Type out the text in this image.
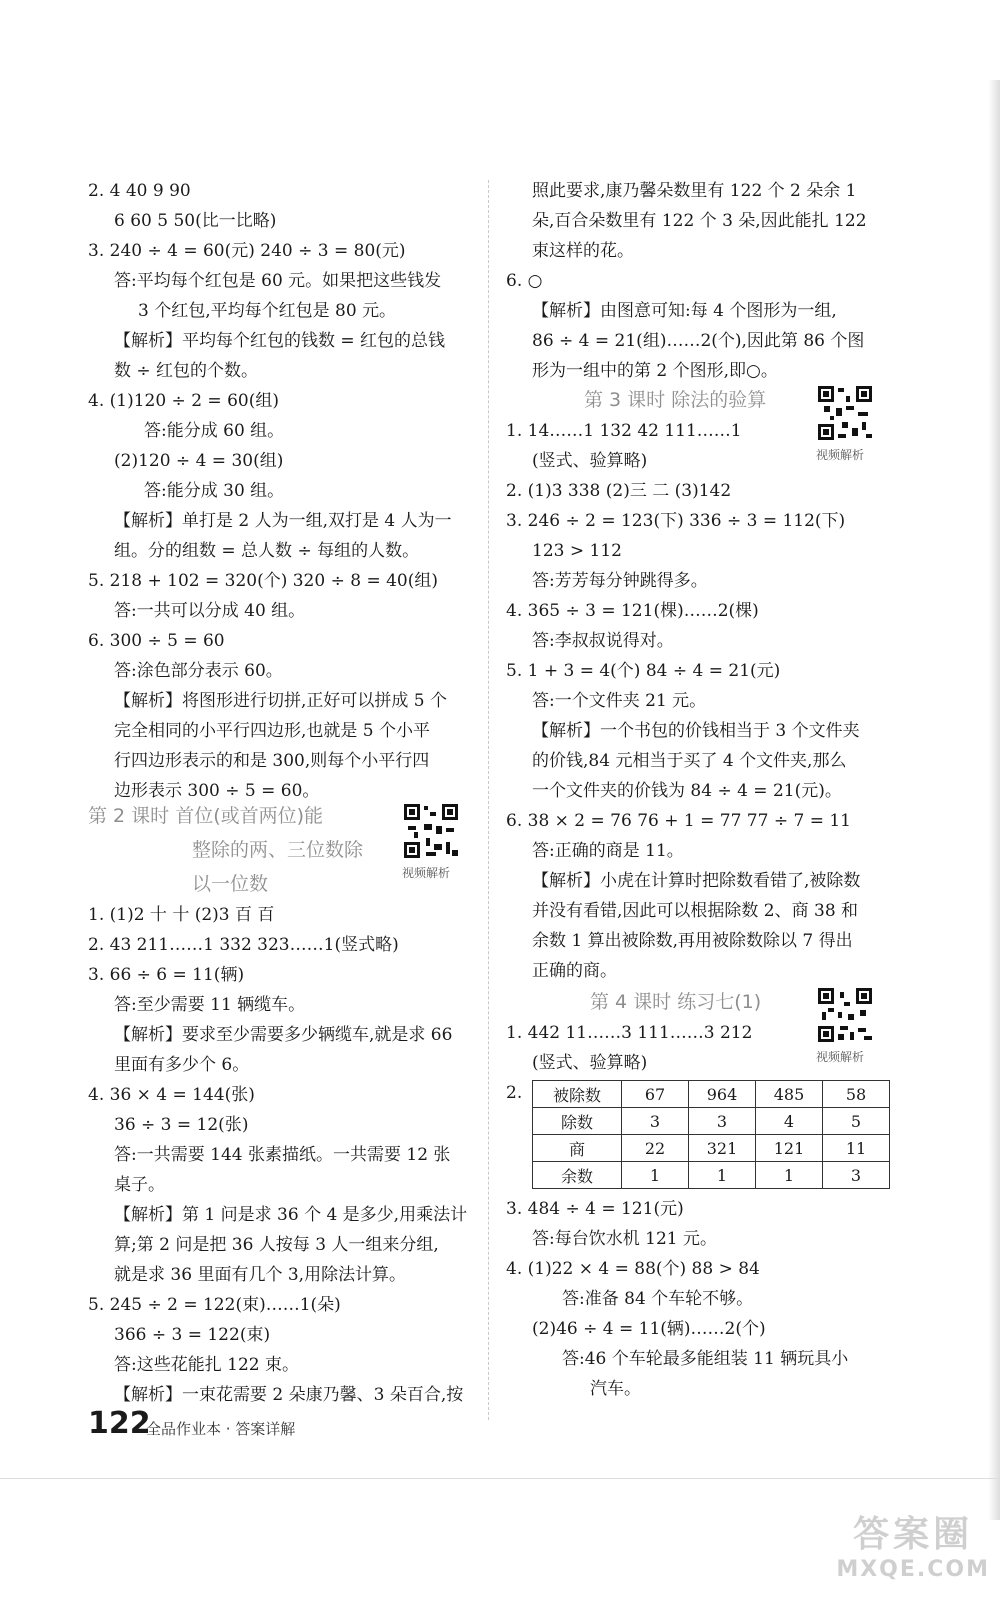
2. 4 40 9 90
6 60 5 50(比一比略)
3. 240 ÷ 4 = 60(元) 240 ÷ 3 = 80(元)
答:平均每个红包是 60 元。如果把这些钱发
3 个红包,平均每个红包是 80 元。
【解析】平均每个红包的钱数 = 红包的总钱
数 ÷ 红包的个数。
4. (1)120 ÷ 2 = 60(组)
答:能分成 60 组。
(2)120 ÷ 4 = 30(组)
答:能分成 30 组。
【解析】单打是 2 人为一组,双打是 4 人为一
组。分的组数 = 总人数 ÷ 每组的人数。
5. 218 + 102 = 320(个) 320 ÷ 8 = 40(组)
答:一共可以分成 40 组。
6. 300 ÷ 5 = 60
答:涂色部分表示 60。
【解析】将图形进行切拼,正好可以拼成 5 个
完全相同的小平行四边形,也就是 5 个小平
行四边形表示的和是 300,则每个小平行四
边形表示 300 ÷ 5 = 60。
第 2 课时 首位(或首两位)能
整除的两、三位数除
以一位数	视频解析
1. (1)2 十 十 (2)3 百 百
2. 43 211……1 332 323……1(竖式略)
3. 66 ÷ 6 = 11(辆)
答:至少需要 11 辆缆车。
【解析】要求至少需要多少辆缆车,就是求 66
里面有多少个 6。
4. 36 × 4 = 144(张)
36 ÷ 3 = 12(张)
答:一共需要 144 张素描纸。一共需要 12 张
桌子。
【解析】第 1 问是求 36 个 4 是多少,用乘法计
算;第 2 问是把 36 人按每 3 人一组来分组,
就是求 36 里面有几个 3,用除法计算。
5. 245 ÷ 2 = 122(束)……1(朵)
366 ÷ 3 = 122(束)
答:这些花能扎 122 束。
【解析】一束花需要 2 朵康乃馨、3 朵百合,按
照此要求,康乃馨朵数里有 122 个 2 朵余 1
朵,百合朵数里有 122 个 3 朵,因此能扎 122
束这样的花。
6. ○
【解析】由图意可知:每 4 个图形为一组,
86 ÷ 4 = 21(组)……2(个),因此第 86 个图
形为一组中的第 2 个图形,即○。
第 3 课时 除法的验算
视频解析
1. 14……1 132 42 111……1
(竖式、验算略)
2. (1)3 338 (2)三 二 (3)142
3. 246 ÷ 2 = 123(下) 336 ÷ 3 = 112(下)
123 > 112
答:芳芳每分钟跳得多。
4. 365 ÷ 3 = 121(棵)……2(棵)
答:李叔叔说得对。
5. 1 + 3 = 4(个) 84 ÷ 4 = 21(元)
答:一个文件夹 21 元。
【解析】一个书包的价钱相当于 3 个文件夹
的价钱,84 元相当于买了 4 个文件夹,那么
一个文件夹的价钱为 84 ÷ 4 = 21(元)。
6. 38 × 2 = 76 76 + 1 = 77 77 ÷ 7 = 11
答:正确的商是 11。
【解析】小虎在计算时把除数看错了,被除数
并没有看错,因此可以根据除数 2、商 38 和
余数 1 算出被除数,再用被除数除以 7 得出
正确的商。
第 4 课时 练习七(1)
视频解析
1. 442 11……3 111……3 212
(竖式、验算略)
2. 被除数	67	964	485	58
除数	3	3	4	5
商	22	321	121	11
余数	1	1	1	3
3. 484 ÷ 4 = 121(元)
答:每台饮水机 121 元。
4. (1)22 × 4 = 88(个) 88 > 84
答:准备 84 个车轮不够。
(2)46 ÷ 4 = 11(辆)……2(个)
答:46 个车轮最多能组装 11 辆玩具小
汽车。
122
全品作业本 · 答案详解
答案圈
MXQE.COM
